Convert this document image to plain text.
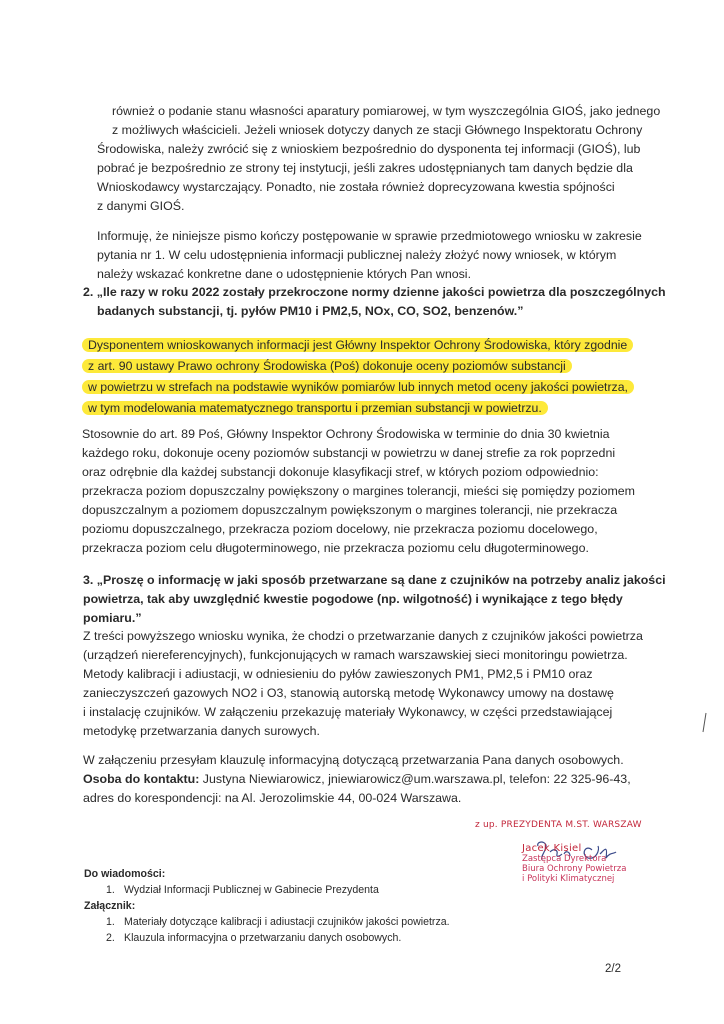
również o podanie stanu własności aparatury pomiarowej, w tym wyszczególnia GIOŚ, jako jednego
z możliwych właścicieli. Jeżeli wniosek dotyczy danych ze stacji Głównego Inspektoratu Ochrony
Środowiska, należy zwrócić się z wnioskiem bezpośrednio do dysponenta tej informacji (GIOŚ), lub
pobrać je bezpośrednio ze strony tej instytucji, jeśli zakres udostępnianych tam danych będzie dla
Wnioskodawcy wystarczający. Ponadto, nie została również doprecyzowana kwestia spójności
z danymi GIOŚ.
Informuję, że niniejsze pismo kończy postępowanie w sprawie przedmiotowego wniosku w zakresie
pytania nr 1. W celu udostępnienia informacji publicznej należy złożyć nowy wniosek, w którym
należy wskazać konkretne dane o udostępnienie których Pan wnosi.
2. „Ile razy w roku 2022 zostały przekroczone normy dzienne jakości powietrza dla poszczególnych
badanych substancji, tj. pyłów PM10 i PM2,5, NOx, CO, SO2, benzenów.”
Dysponentem wnioskowanych informacji jest Główny Inspektor Ochrony Środowiska, który zgodnie
z art. 90 ustawy Prawo ochrony Środowiska (Poś) dokonuje oceny poziomów substancji
w powietrzu w strefach na podstawie wyników pomiarów lub innych metod oceny jakości powietrza,
w tym modelowania matematycznego transportu i przemian substancji w powietrzu.
Stosownie do art. 89 Poś, Główny Inspektor Ochrony Środowiska w terminie do dnia 30 kwietnia
każdego roku, dokonuje oceny poziomów substancji w powietrzu w danej strefie za rok poprzedni
oraz odrębnie dla każdej substancji dokonuje klasyfikacji stref, w których poziom odpowiednio:
przekracza poziom dopuszczalny powiększony o margines tolerancji, mieści się pomiędzy poziomem
dopuszczalnym a poziomem dopuszczalnym powiększonym o margines tolerancji, nie przekracza
poziomu dopuszczalnego, przekracza poziom docelowy, nie przekracza poziomu docelowego,
przekracza poziom celu długoterminowego, nie przekracza poziomu celu długoterminowego.
3. „Proszę o informację w jaki sposób przetwarzane są dane z czujników na potrzeby analiz jakości
powietrza, tak aby uwzględnić kwestie pogodowe (np. wilgotność) i wynikające z tego błędy
pomiaru.”
Z treści powyższego wniosku wynika, że chodzi o przetwarzanie danych z czujników jakości powietrza
(urządzeń niereferencyjnych), funkcjonujących w ramach warszawskiej sieci monitoringu powietrza.
Metody kalibracji i adiustacji, w odniesieniu do pyłów zawieszonych PM1, PM2,5 i PM10 oraz
zanieczyszczeń gazowych NO2 i O3, stanowią autorską metodę Wykonawcy umowy na dostawę
i instalację czujników. W załączeniu przekazuję materiały Wykonawcy, w części przedstawiającej
metodykę przetwarzania danych surowych.
W załączeniu przesyłam klauzulę informacyjną dotyczącą przetwarzania Pana danych osobowych.
Osoba do kontaktu: Justyna Niewiarowicz, jniewiarowicz@um.warszawa.pl, telefon: 22 325-96-43,
adres do korespondencji: na Al. Jerozolimskie 44, 00-024 Warszawa.
z up. PREZYDENTA M.ST. WARSZAW
Jacek Kisiel
Zastępca Dyrektora
Biura Ochrony Powietrza
i Polityki Klimatycznej
Do wiadomości:
1. Wydział Informacji Publicznej w Gabinecie Prezydenta
Załącznik:
1. Materiały dotyczące kalibracji i adiustacji czujników jakości powietrza.
2. Klauzula informacyjna o przetwarzaniu danych osobowych.
2/2
